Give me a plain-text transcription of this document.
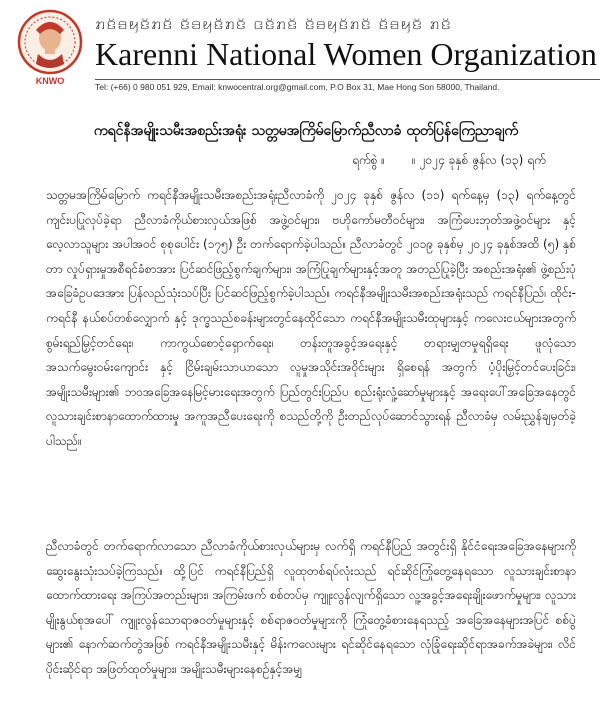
KNWO
ꤊꤢꤩꤋꤟꤢꤩꤊꤢꤩ ꤢꤩꤋꤟꤢꤩꤊꤢꤩ ꤍꤢꤩꤊꤢꤩ ꤢꤩꤋꤟꤢꤩꤊꤢꤩ ꤢꤩꤋꤟꤢꤩ ꤊꤢꤩ
Karenni National Women Organization
Tel: (+66) 0 980 051 929, Email: knwocentral.org@gmail.com, P.O Box 31, Mae Hong Son 58000, Thailand.
ကရင်နီအမျိုးသမီးအစည်းအရုံး သတ္တမအကြိမ်မြောက်ညီလာခံ ထုတ်ပြန်ကြေညာချက်
ရက်စွဲ ။ ။ ၂၀၂၄ ခုနှစ် ဇွန်လ (၁၃) ရက်
သတ္တမအကြိမ်မြောက် ကရင်နီအမျိုးသမီးအစည်းအရုံးညီလာခံကို ၂၀၂၄ ခုနှစ် ဇွန်လ (၁၁) ရက်နေ့မှ (၁၃) ရက်နေ့တွင် ကျင်းပပြုလုပ်ခဲ့ရာ ညီလာခံကိုယ်စားလှယ်အဖြစ် အဖွဲ့ဝင်များ၊ ဗဟိုကော်မတီဝင်များ၊ အကြံပေးဘုတ်အဖွဲ့ဝင်များ နှင့် လေ့လာသူများ အပါအဝင် စုစုပေါင်း (၁၇၅) ဦး တက်ရောက်ခဲ့ပါသည်။ ညီလာခံတွင် ၂၀၁၉ ခုနှစ်မှ ၂၀၂၄ ခုနှစ်အထိ (၅) နှစ်တာ လှုပ်ရှားမှုအစီရင်ခံစာအား ပြင်ဆင်ဖြည့်စွက်ချက်များ၊ အကြံပြုချက်များနှင့်အတူ အတည်ပြုခဲ့ပြီး အစည်းအရုံး၏ ဖွဲ့စည်းပုံအခြေခံဥပဒေအား ပြန်လည်သုံးသပ်ပြီး ပြင်ဆင်ဖြည့်စွက်ခဲ့ပါသည်။ ကရင်နီအမျိုးသမီးအစည်းအရုံးသည် ကရင်နီပြည်၊ ထိုင်း-ကရင်နီ နယ်စပ်တစ်လျှောက် နှင့် ဒုက္ခသည်စခန်းများတွင်နေထိုင်သော ကရင်နီအမျိုးသမီးထုများနှင့် ကလေးငယ်များအတွက် စွမ်းရည်မြှင့်တင်ရေး၊ ကာကွယ်စောင့်ရှောက်ရေး၊ တန်းတူအခွင့်အရေးနှင့် တရားမျှတမှုရရှိရေး ဖူလုံသောအသက်မွေးဝမ်းကျောင်း နှင့် ငြိမ်းချမ်းသာယာသော လူမှုအသိုင်းအဝိုင်းများ ရှိစေရန် အတွက် ပံ့ပိုးမြှင့်တင်ပေးခြင်း၊ အမျိုးသမီးများ၏ ဘဝအခြေအနေမြင့်မားရေးအတွက် ပြည်တွင်းပြည်ပ စည်းရုံးလှုံ့ဆော်မှုများနှင့် အရေးပေါ်အခြေအနေတွင် လူသားချင်းစာနာထောက်ထားမှု အကူအညီပေးရေးကို စသည်တို့ကို ဦးတည်လုပ်ဆောင်သွားရန် ညီလာခံမှ လမ်းညွှန်ချမှတ်ခဲ့ပါသည်။
ညီလာခံတွင် တက်ရောက်လာသော ညီလာခံကိုယ်စားလှယ်များမှ လက်ရှိ ကရင်နီပြည် အတွင်းရှိ နိုင်ငံရေးအခြေအနေများကို ဆွေးနွေးသုံးသပ်ခဲ့ကြသည်။ ထို့ပြင် ကရင်နီပြည်ရှိ လူထုတစ်ရပ်လုံးသည် ရင်ဆိုင်ကြုံတွေ့နေရသော လူသားချင်းစာနာထောက်ထားရေး အကြပ်အတည်းများ၊ အကြမ်းဖက် စစ်တပ်မှ ကျူးလွန်လျက်ရှိသော လူ့အခွင့်အရေးချိုးဖောက်မှုများ၊ လူသားမျိုးနွယ်စုအပေါ် ကျူးလွန်သောရာဇဝတ်မှုများနှင့် စစ်ရာဇဝတ်မှုများကို ကြုံတွေ့ခံစားနေရသည့် အခြေအနေများအပြင် စစ်ပွဲများ၏ နောက်ဆက်တွဲအဖြစ် ကရင်နီအမျိုးသမီးနှင့် မိန်းကလေးများ ရင်ဆိုင်နေရသော လုံခြုံရေးဆိုင်ရာအခက်အခဲများ၊ လိင်ပိုင်းဆိုင်ရာ အဖြတ်ထုတ်မှုများ၊ အမျိုးသမီးများနေစဉ်နှင့်အမျှ
